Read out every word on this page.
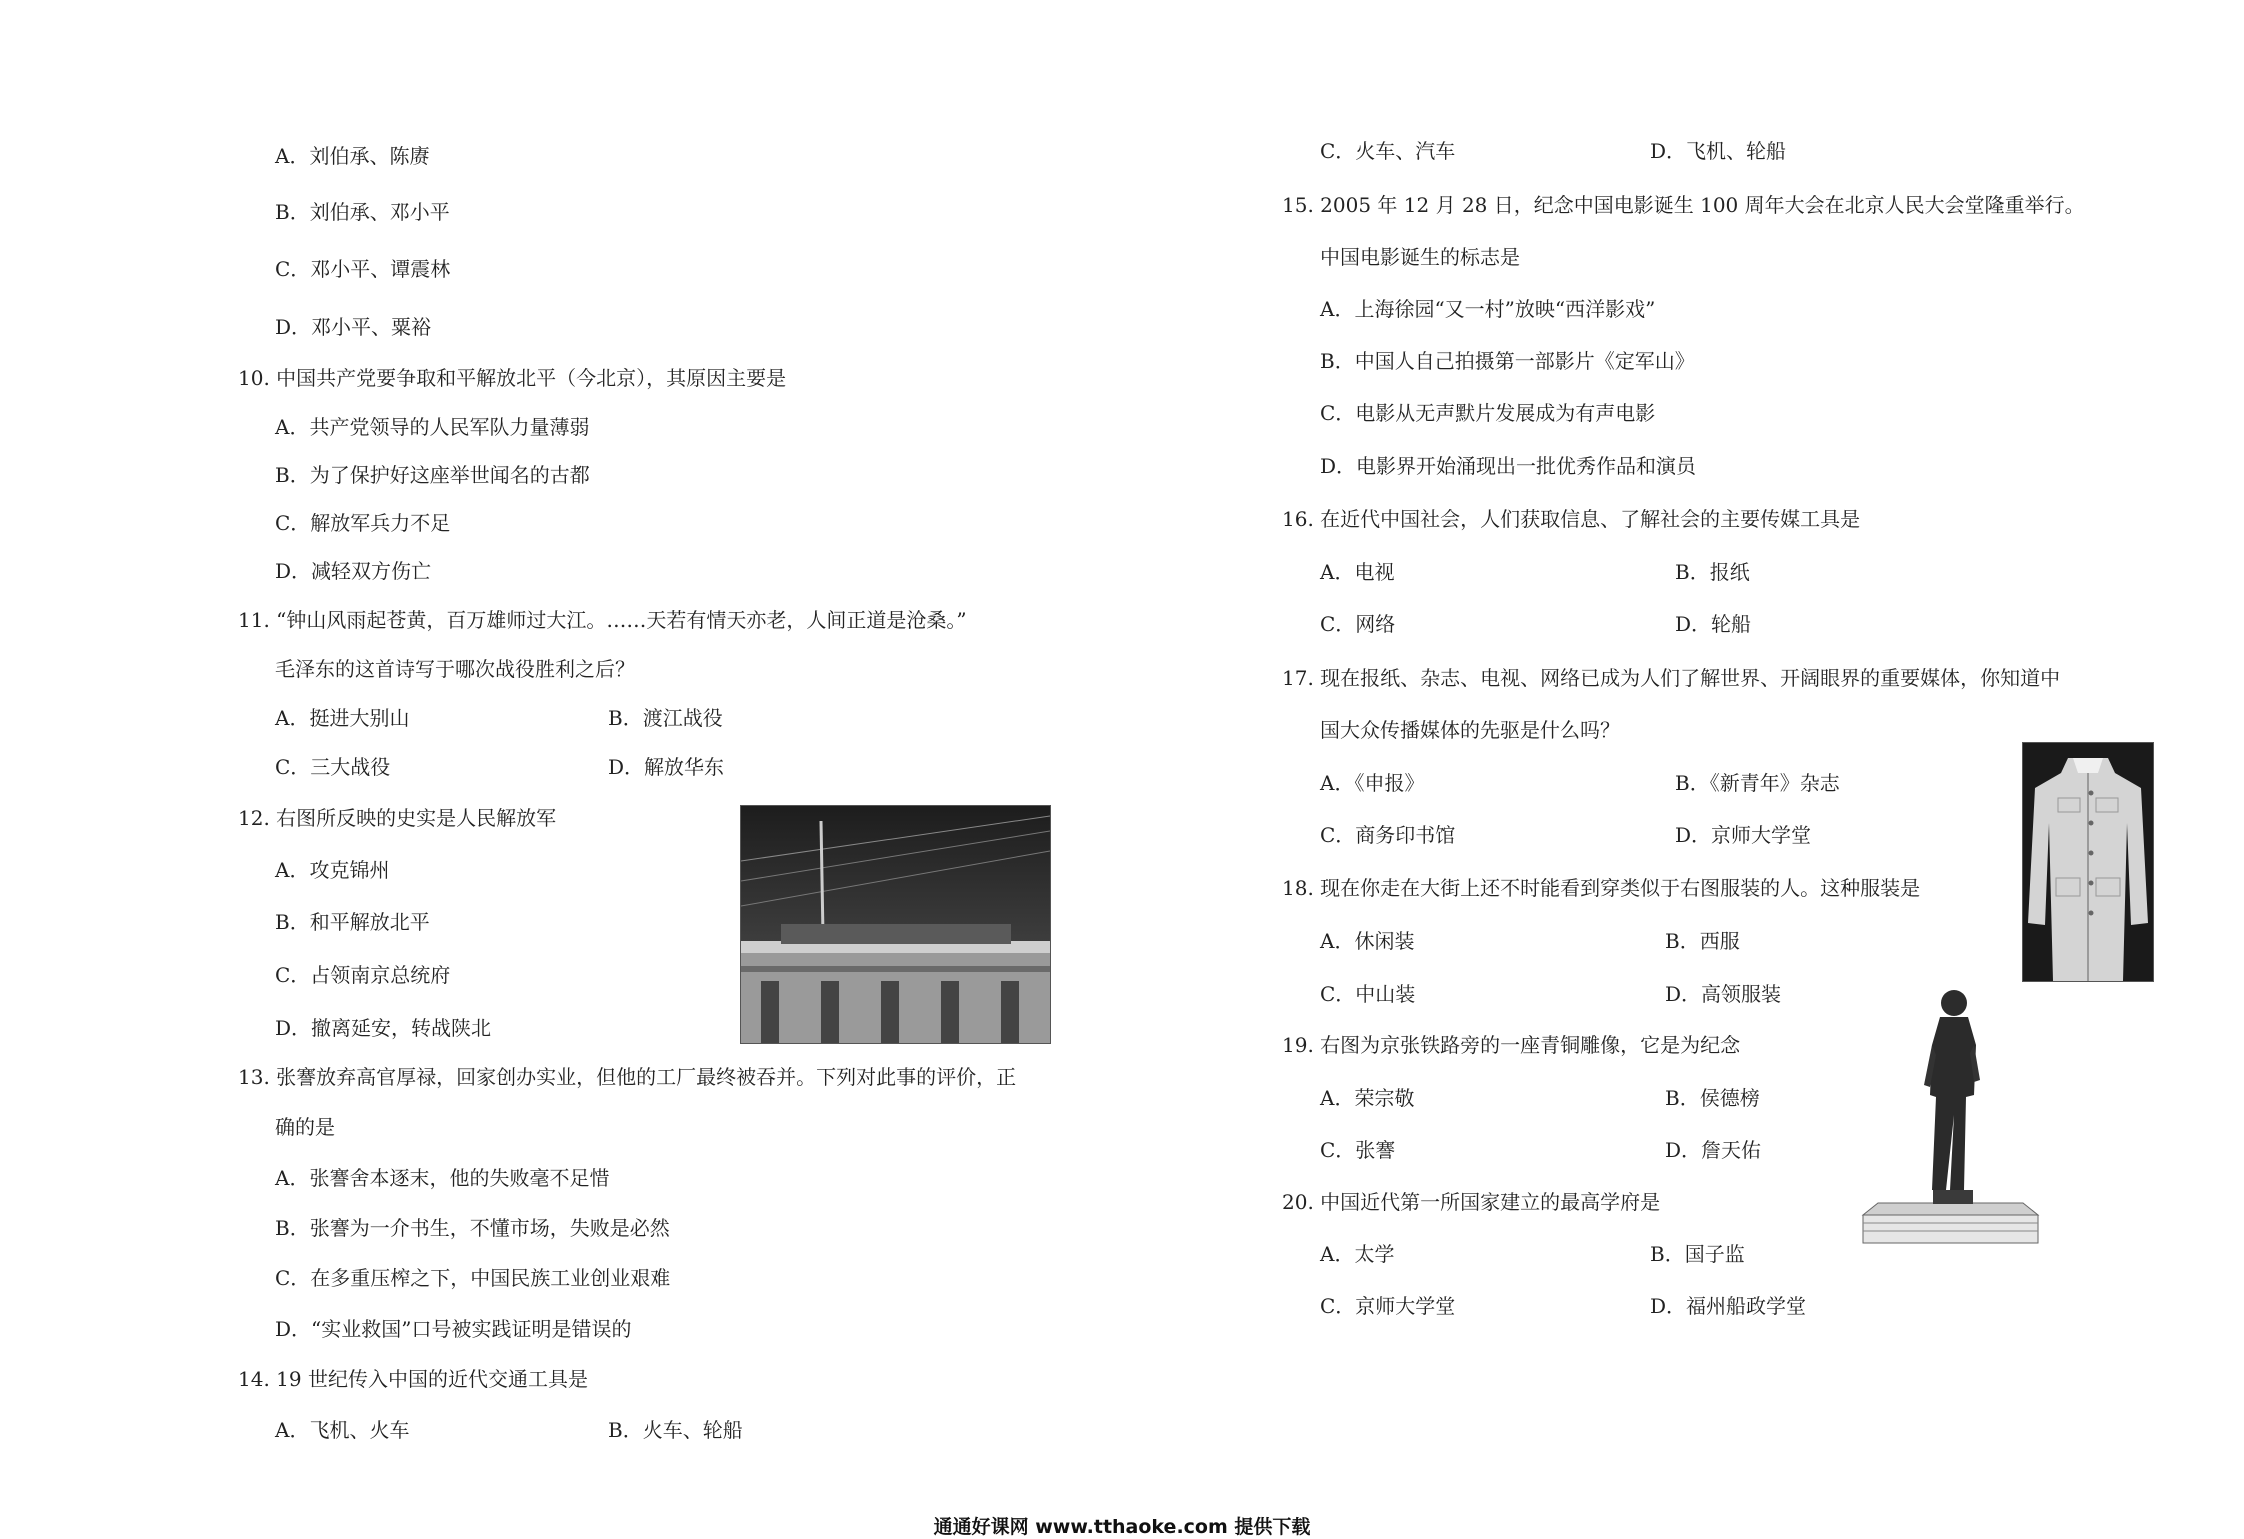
A．刘伯承、陈赓
B．刘伯承、邓小平
C．邓小平、谭震林
D．邓小平、粟裕
10. 中国共产党要争取和平解放北平（今北京），其原因主要是
A．共产党领导的人民军队力量薄弱
B．为了保护好这座举世闻名的古都
C．解放军兵力不足
D．减轻双方伤亡
11. “钟山风雨起苍黄，百万雄师过大江。……天若有情天亦老，人间正道是沧桑。”
毛泽东的这首诗写于哪次战役胜利之后？
A．挺进大别山	B．渡江战役
C．三大战役	D．解放华东
12. 右图所反映的史实是人民解放军
A．攻克锦州
B．和平解放北平
C．占领南京总统府
D．撤离延安，转战陕北
13. 张謇放弃高官厚禄，回家创办实业，但他的工厂最终被吞并。下列对此事的评价，正
确的是
A．张謇舍本逐末，他的失败毫不足惜
B．张謇为一介书生，不懂市场，失败是必然
C．在多重压榨之下，中国民族工业创业艰难
D．“实业救国”口号被实践证明是错误的
14. 19 世纪传入中国的近代交通工具是
A．飞机、火车	B．火车、轮船
C．火车、汽车	D．飞机、轮船
15. 2005 年 12 月 28 日，纪念中国电影诞生 100 周年大会在北京人民大会堂隆重举行。
中国电影诞生的标志是
A．上海徐园“又一村”放映“西洋影戏”
B．中国人自己拍摄第一部影片《定军山》
C．电影从无声默片发展成为有声电影
D．电影界开始涌现出一批优秀作品和演员
16. 在近代中国社会，人们获取信息、了解社会的主要传媒工具是
A．电视	B．报纸
C．网络	D．轮船
17. 现在报纸、杂志、电视、网络已成为人们了解世界、开阔眼界的重要媒体，你知道中
国大众传播媒体的先驱是什么吗？
A．《申报》	B．《新青年》杂志
C．商务印书馆	D．京师大学堂
18. 现在你走在大街上还不时能看到穿类似于右图服装的人。这种服装是
A．休闲装	B．西服
C．中山装	D．高领服装
19. 右图为京张铁路旁的一座青铜雕像，它是为纪念
A．荣宗敬	B．侯德榜
C．张謇	D．詹天佑
20. 中国近代第一所国家建立的最高学府是
A．太学	B．国子监
C．京师大学堂	D．福州船政学堂
通通好课网 www.tthaoke.com 提供下载
